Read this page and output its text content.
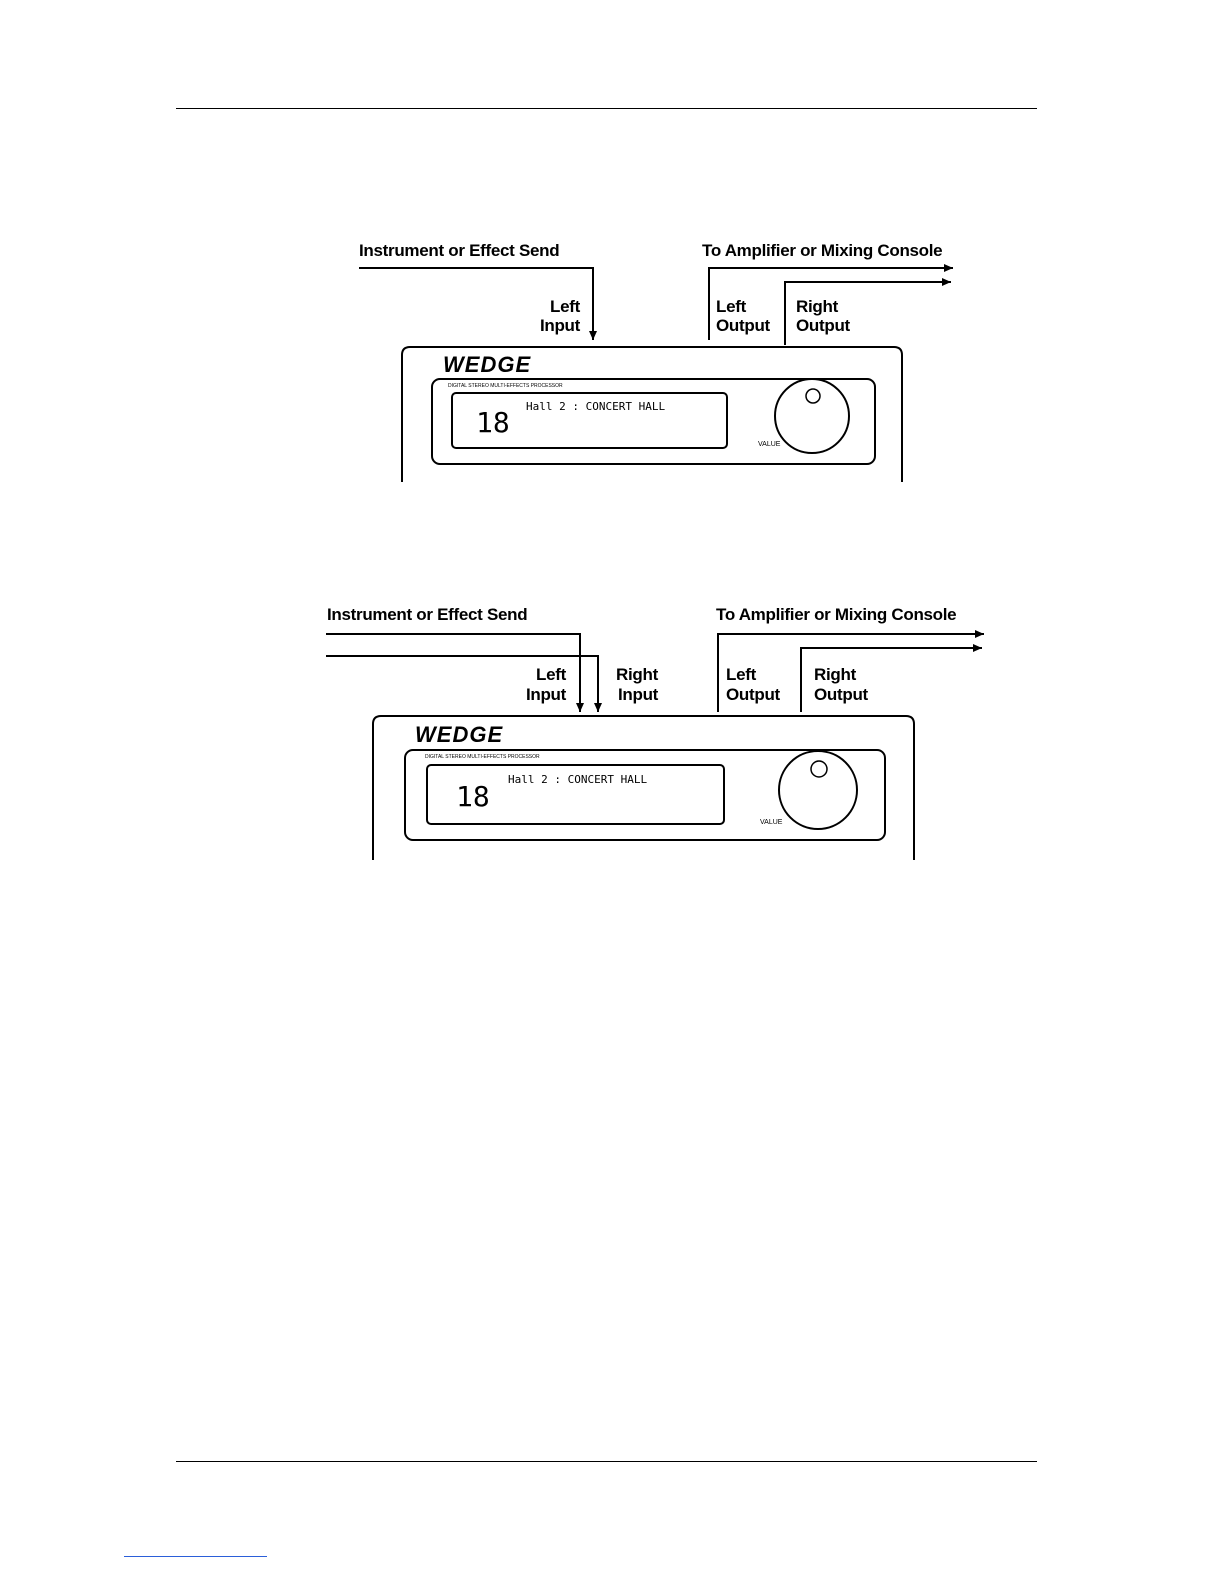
Instrument or Effect Send	To Amplifier or Mixing Console
Left
Input
Left
Output
Right
Output
WEDGE
DIGITAL STEREO MULTI-EFFECTS PROCESSOR
18 Hall 2 : CONCERT HALL
VALUE
Instrument or Effect Send	To Amplifier or Mixing Console
Left
Input
Right
Input
Left
Output
Right
Output
WEDGE
DIGITAL STEREO MULTI-EFFECTS PROCESSOR
18
Hall 2 : CONCERT HALL
VALUE
